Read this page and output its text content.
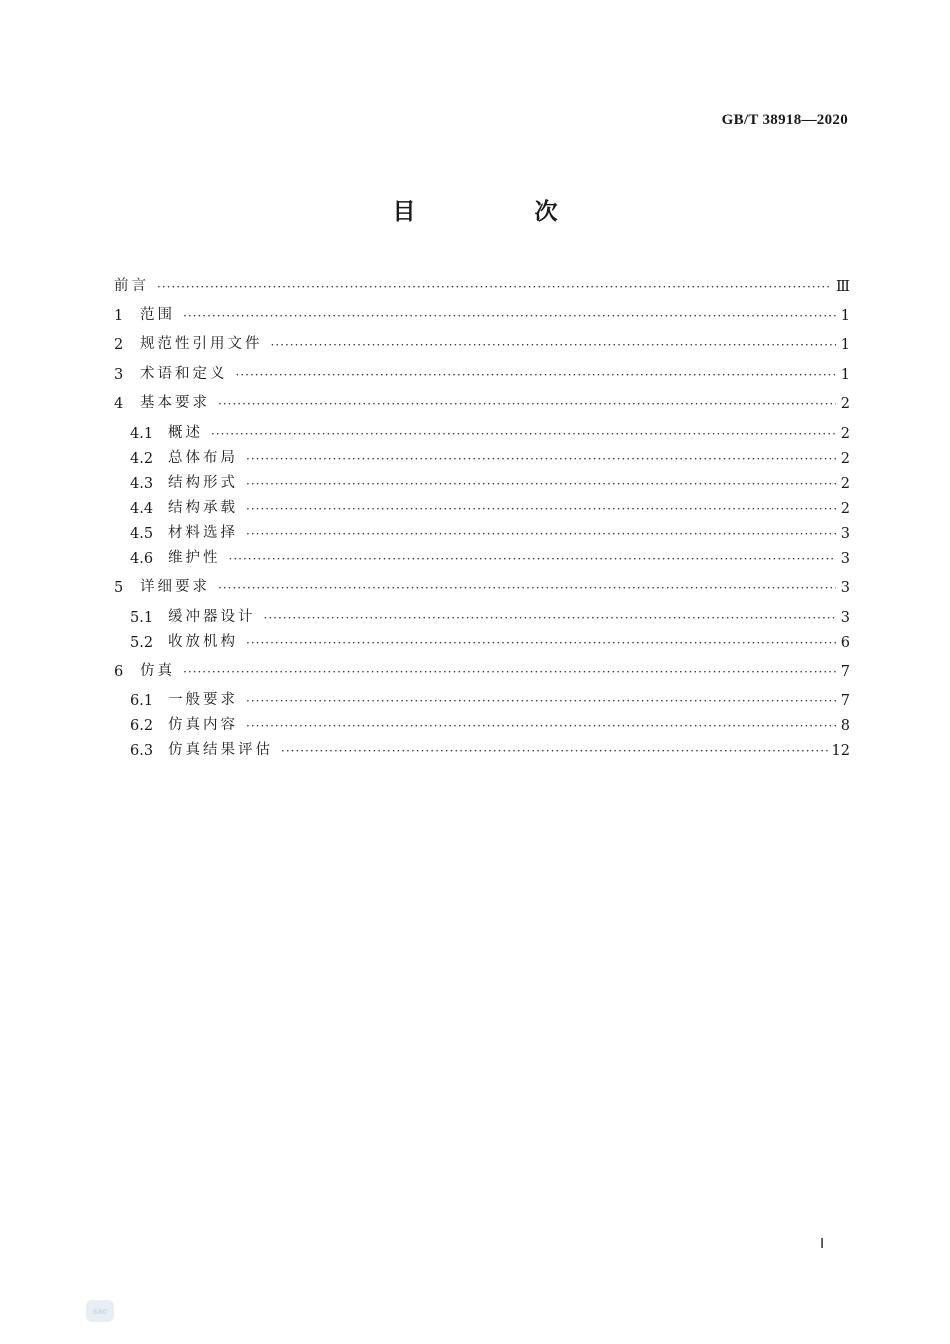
GB/T 38918—2020
目　次
前言 ·····	Ⅲ
1	范围 ·····	1
2	规范性引用文件 ·····	1
3	术语和定义 ·····	1
4	基本要求 ·····	2
4.1	概述 ·····	2
4.2	总体布局 ·····	2
4.3	结构形式 ·····	2
4.4	结构承载 ·····	2
4.5	材料选择 ·····	3
4.6	维护性 ·····	3
5	详细要求 ·····	3
5.1	缓冲器设计 ·····	3
5.2	收放机构 ·····	6
6	仿真 ·····	7
6.1	一般要求 ·····	7
6.2	仿真内容 ·····	8
6.3	仿真结果评估 ·····	12
Ⅰ
sac
